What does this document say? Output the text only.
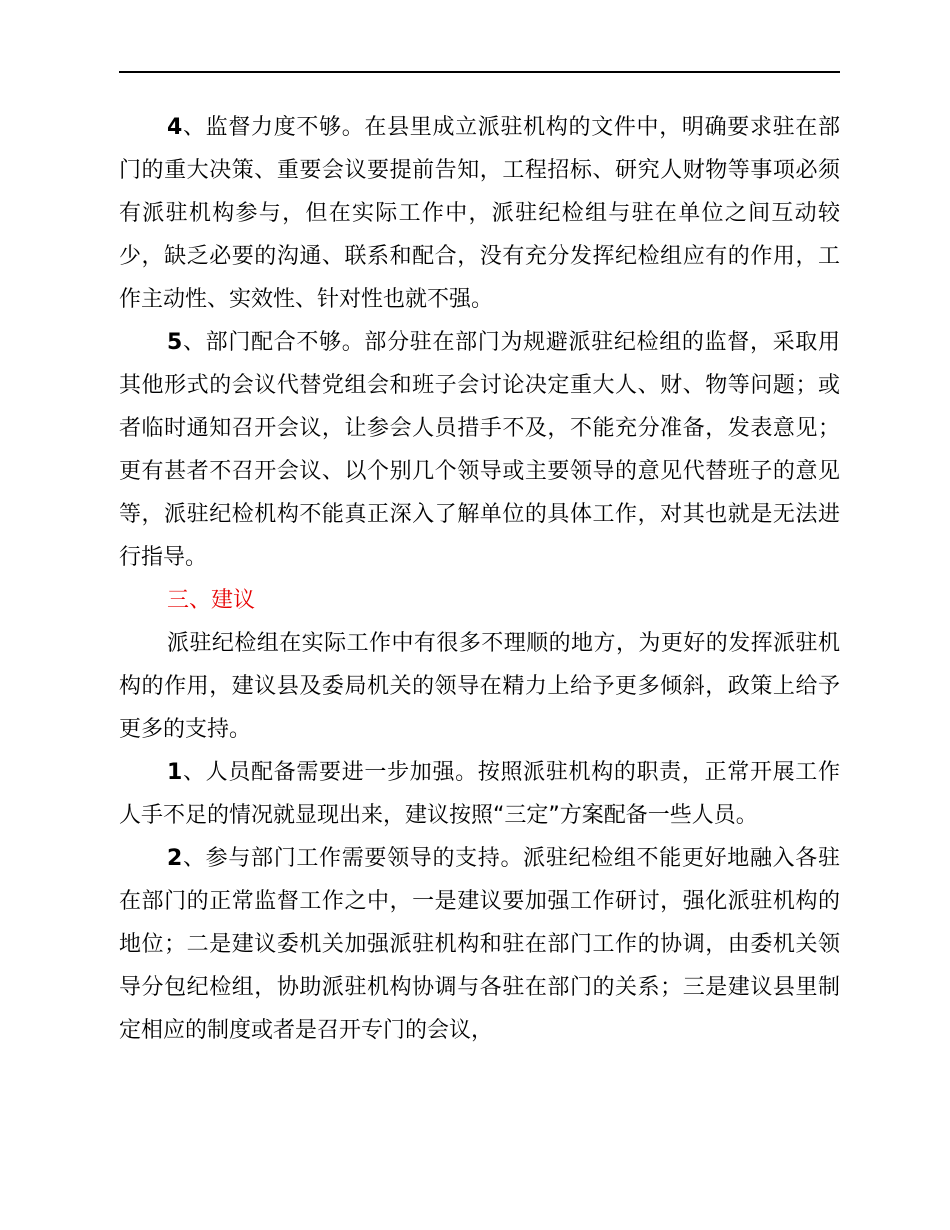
4、监督力度不够。在县里成立派驻机构的文件中，明确要求驻在部门的重大决策、重要会议要提前告知，工程招标、研究人财物等事项必须有派驻机构参与，但在实际工作中，派驻纪检组与驻在单位之间互动较少，缺乏必要的沟通、联系和配合，没有充分发挥纪检组应有的作用，工作主动性、实效性、针对性也就不强。

5、部门配合不够。部分驻在部门为规避派驻纪检组的监督，采取用其他形式的会议代替党组会和班子会讨论决定重大人、财、物等问题；或者临时通知召开会议，让参会人员措手不及，不能充分准备，发表意见；更有甚者不召开会议、以个别几个领导或主要领导的意见代替班子的意见等，派驻纪检机构不能真正深入了解单位的具体工作，对其也就是无法进行指导。

三、建议

派驻纪检组在实际工作中有很多不理顺的地方，为更好的发挥派驻机构的作用，建议县及委局机关的领导在精力上给予更多倾斜，政策上给予更多的支持。

1、人员配备需要进一步加强。按照派驻机构的职责，正常开展工作人手不足的情况就显现出来，建议按照“三定”方案配备一些人员。

2、参与部门工作需要领导的支持。派驻纪检组不能更好地融入各驻在部门的正常监督工作之中，一是建议要加强工作研讨，强化派驻机构的地位；二是建议委机关加强派驻机构和驻在部门工作的协调，由委机关领导分包纪检组，协助派驻机构协调与各驻在部门的关系；三是建议县里制定相应的制度或者是召开专门的会议，
